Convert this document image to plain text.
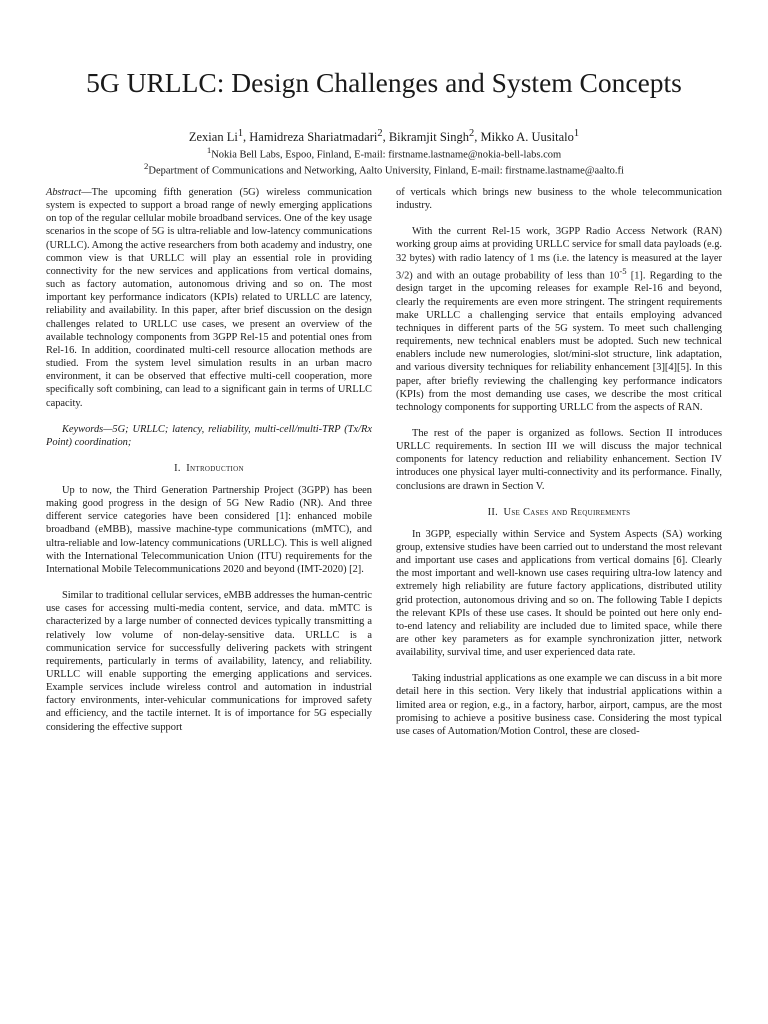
5G URLLC: Design Challenges and System Concepts
Zexian Li$^1$, Hamidreza Shariatmadari$^2$, Bikramjit Singh$^2$, Mikko A. Uusitalo$^1$
$^1$Nokia Bell Labs, Espoo, Finland, E-mail: firstname.lastname@nokia-bell-labs.com
$^2$Department of Communications and Networking, Aalto University, Finland, E-mail: firstname.lastname@aalto.fi

Abstract—The upcoming fifth generation (5G) wireless communication system is expected to support a broad range of newly emerging applications on top of the regular cellular mobile broadband services. One of the key usage scenarios in the scope of 5G is ultra-reliable and low-latency communications (URLLC). Among the active researchers from both academy and industry, one common view is that URLLC will play an essential role in providing connectivity for the new services and applications from vertical domains, such as factory automation, autonomous driving and so on. The most important key performance indicators (KPIs) related to URLLC are latency, reliability and availability. In this paper, after brief discussion on the design challenges related to URLLC use cases, we present an overview of the available technology components from 3GPP Rel-15 and potential ones from Rel-16. In addition, coordinated multi-cell resource allocation methods are studied. From the system level simulation results in an urban macro environment, it can be observed that effective multi-cell cooperation, more specifically soft combining, can lead to a significant gain in terms of URLLC capacity.

Keywords—5G; URLLC; latency, reliability, multi-cell/multi-TRP (Tx/Rx Point) coordination;

I. Introduction

Up to now, the Third Generation Partnership Project (3GPP) has been making good progress in the design of 5G New Radio (NR). And three different service categories have been considered [1]: enhanced mobile broadband (eMBB), massive machine-type communications (mMTC), and ultra-reliable and low-latency communications (URLLC). This is well aligned with the International Telecommunication Union (ITU) requirements for the International Mobile Telecommunications 2020 and beyond (IMT-2020) [2].

Similar to traditional cellular services, eMBB addresses the human-centric use cases for accessing multi-media content, service, and data. mMTC is characterized by a large number of connected devices typically transmitting a relatively low volume of non-delay-sensitive data. URLLC is a communication service for successfully delivering packets with stringent requirements, particularly in terms of availability, latency, and reliability. URLLC will enable supporting the emerging applications and services. Example services include wireless control and automation in industrial factory environments, inter-vehicular communications for improved safety and efficiency, and the tactile internet. It is of importance for 5G especially considering the effective support

of verticals which brings new business to the whole telecommunication industry.

With the current Rel-15 work, 3GPP Radio Access Network (RAN) working group aims at providing URLLC service for small data payloads (e.g. 32 bytes) with radio latency of 1 ms (i.e. the latency is measured at the layer 3/2) and with an outage probability of less than $10^{-5}$ [1]. Regarding to the design target in the upcoming releases for example Rel-16 and beyond, clearly the requirements are even more stringent. The stringent requirements make URLLC a challenging service that entails employing advanced techniques in different parts of the 5G system. To meet such challenging requirements, new technical enablers must be adopted. Such new technical enablers include new numerologies, slot/mini-slot structure, link adaptation, and various diversity techniques for reliability enhancement [3][4][5]. In this paper, after briefly reviewing the challenging key performance indicators (KPIs) from the most demanding use cases, we describe the most critical technology components for supporting URLLC from the aspects of RAN.

The rest of the paper is organized as follows. Section II introduces URLLC requirements. In section III we will discuss the major technical components for latency reduction and reliability enhancement. Section IV introduces one physical layer multi-connectivity and its performance. Finally, conclusions are drawn in Section V.

II. Use Cases and Requirements

In 3GPP, especially within Service and System Aspects (SA) working group, extensive studies have been carried out to understand the most relevant and important use cases and applications from vertical domains [6]. Clearly the most important and well-known use cases requiring ultra-low latency and extremely high reliability are future factory applications, distributed utility grid protection, autonomous driving and so on. The following Table I depicts the relevant KPIs of these use cases. It should be pointed out here only end-to-end latency and reliability are included due to limited space, while there are other key parameters as for example synchronization jitter, network availability, survival time, and user experienced data rate.

Taking industrial applications as one example we can discuss in a bit more detail here in this section. Very likely that industrial applications within a limited area or region, e.g., in a factory, harbor, airport, campus, are the most promising to achieve a positive business case. Considering the most typical use cases of Automation/Motion Control, these are closed-
